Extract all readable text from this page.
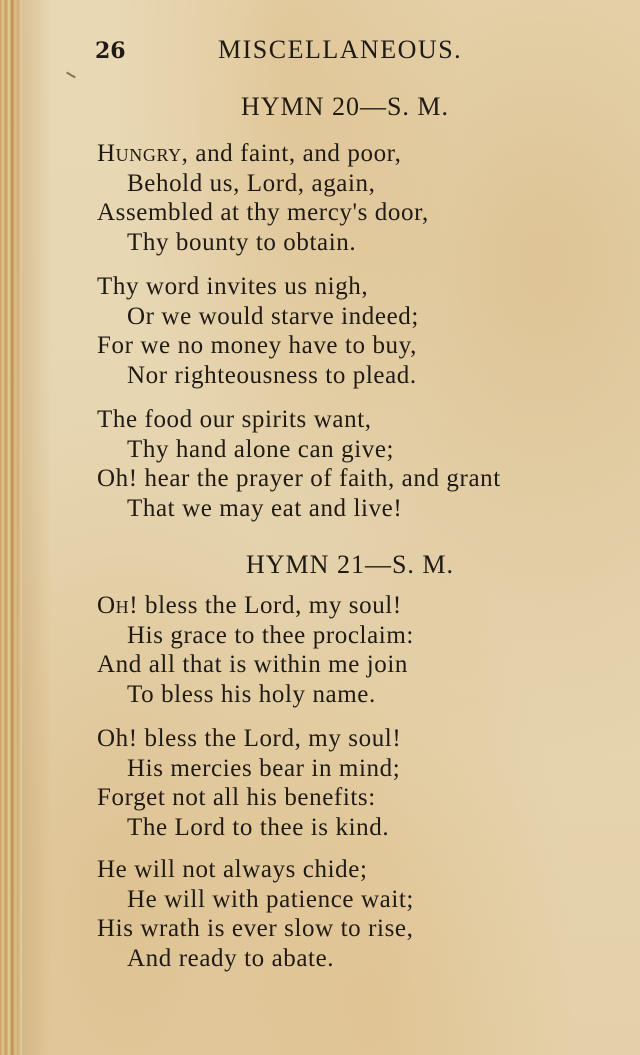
26	MISCELLANEOUS.
HYMN 20—S. M.
Hungry, and faint, and poor,
Behold us, Lord, again,
Assembled at thy mercy's door,
Thy bounty to obtain.
Thy word invites us nigh,
Or we would starve indeed;
For we no money have to buy,
Nor righteousness to plead.
The food our spirits want,
Thy hand alone can give;
Oh! hear the prayer of faith, and grant
That we may eat and live!
HYMN 21—S. M.
Oh! bless the Lord, my soul!
His grace to thee proclaim:
And all that is within me join
To bless his holy name.
Oh! bless the Lord, my soul!
His mercies bear in mind;
Forget not all his benefits:
The Lord to thee is kind.
He will not always chide;
He will with patience wait;
His wrath is ever slow to rise,
And ready to abate.
